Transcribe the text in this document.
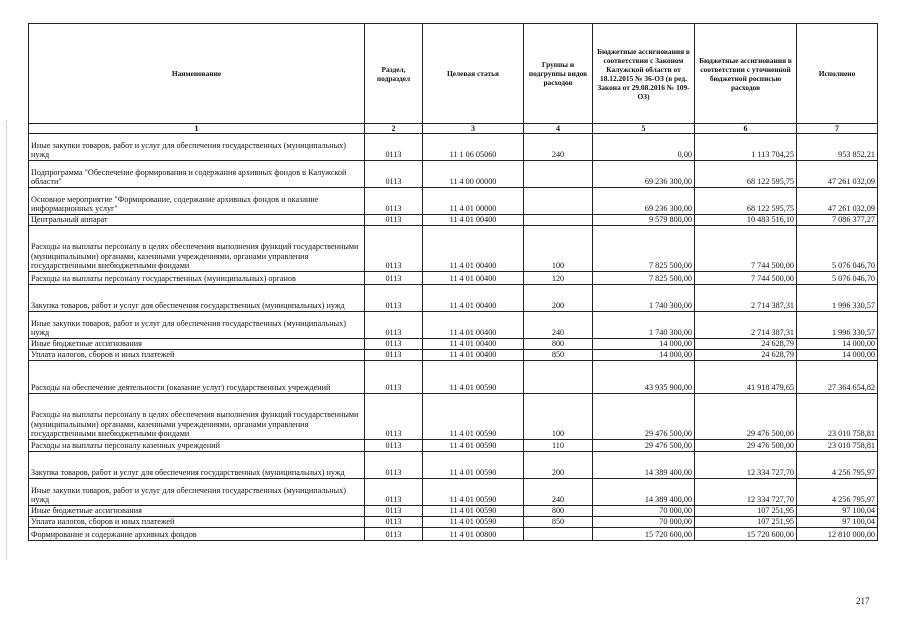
Наименование	Раздел, подраздел	Целевая статья	Группы и подгруппы видов расходов	Бюджетные ассигнования в соответствии с Законом Калужской области от 18.12.2015 № 36-ОЗ (в ред. Закона от 29.08.2016 № 109-ОЗ)	Бюджетные ассигнования в соответствии с уточненной бюджетной росписью расходов	Исполнено
1	2	3	4	5	6	7
Иные закупки товаров, работ и услуг для обеспечения государственных (муниципальных) нужд	0113	11 1 06 05060	240	0,00	1 113 704,25	953 852,21
Подпрограмма "Обеспечение формирования и содержания архивных фондов в Калужской области"	0113	11 4 00 00000		69 236 300,00	68 122 595,75	47 261 032,09
Основное мероприятие "Формирование, содержание архивных фондов и оказание информационных услуг"	0113	11 4 01 00000		69 236 300,00	68 122 595,75	47 261 032,09
Центральный аппарат	0113	11 4 01 00400		9 579 800,00	10 483 516,10	7 086 377,27
Расходы на выплаты персоналу в целях обеспечения выполнения функций государственными (муниципальными) органами, казенными учреждениями, органами управления государственными внебюджетными фондами	0113	11 4 01 00400	100	7 825 500,00	7 744 500,00	5 076 046,70
Расходы на выплаты персоналу государственных (муниципальных) органов	0113	11 4 01 00400	120	7 825 500,00	7 744 500,00	5 076 046,70
Закупка товаров, работ и услуг для обеспечения государственных (муниципальных) нужд	0113	11 4 01 00400	200	1 740 300,00	2 714 387,31	1 996 330,57
Иные закупки товаров, работ и услуг для обеспечения государственных (муниципальных) нужд	0113	11 4 01 00400	240	1 740 300,00	2 714 387,31	1 996 330,57
Иные бюджетные ассигнования	0113	11 4 01 00400	800	14 000,00	24 628,79	14 000,00
Уплата налогов, сборов и иных платежей	0113	11 4 01 00400	850	14 000,00	24 628,79	14 000,00
Расходы на обеспечение деятельности (оказание услуг) государственных учреждений	0113	11 4 01 00590		43 935 900,00	41 918 479,65	27 364 654,82
Расходы на выплаты персоналу в целях обеспечения выполнения функций государственными (муниципальными) органами, казенными учреждениями, органами управления государственными внебюджетными фондами	0113	11 4 01 00590	100	29 476 500,00	29 476 500,00	23 010 758,81
Расходы на выплаты персоналу казенных учреждений	0113	11 4 01 00590	110	29 476 500,00	29 476 500,00	23 010 758,81
Закупка товаров, работ и услуг для обеспечения государственных (муниципальных) нужд	0113	11 4 01 00590	200	14 389 400,00	12 334 727,70	4 256 795,97
Иные закупки товаров, работ и услуг для обеспечения государственных (муниципальных) нужд	0113	11 4 01 00590	240	14 389 400,00	12 334 727,70	4 256 795,97
Иные бюджетные ассигнования	0113	11 4 01 00590	800	70 000,00	107 251,95	97 100,04
Уплата налогов, сборов и иных платежей	0113	11 4 01 00590	850	70 000,00	107 251,95	97 100,04
Формирование и содержание архивных фондов	0113	11 4 01 00800		15 720 600,00	15 720 600,00	12 810 000,00
217
